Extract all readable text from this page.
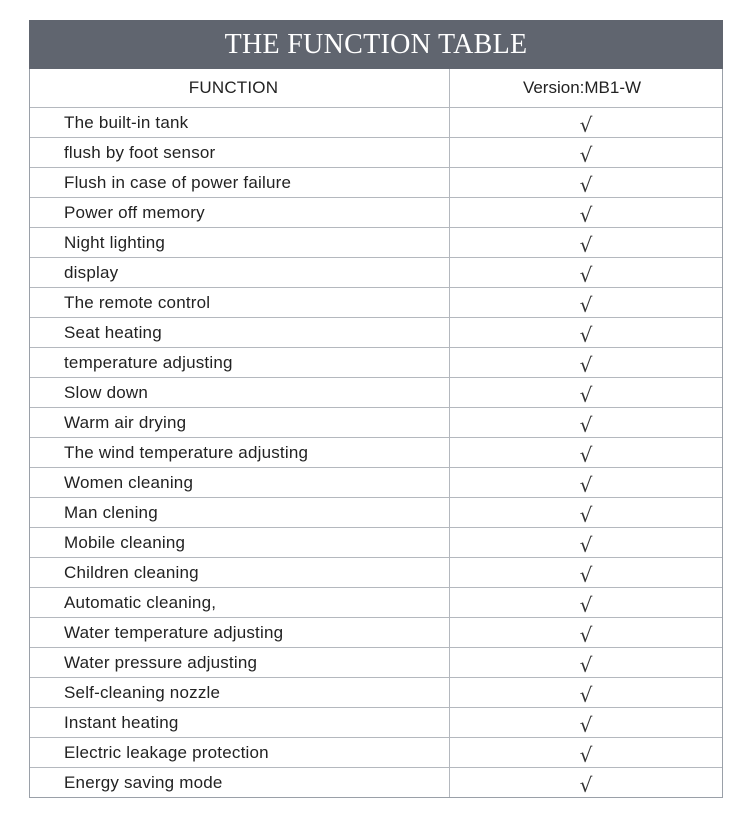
THE FUNCTION TABLE
FUNCTION	Version:MB1-W
The built-in tank	√
flush by foot sensor	√
Flush in case of power failure	√
Power off memory	√
Night lighting	√
display	√
The remote control	√
Seat heating	√
temperature adjusting	√
Slow down	√
Warm air drying	√
The wind temperature adjusting	√
Women cleaning	√
Man clening	√
Mobile cleaning	√
Children cleaning	√
Automatic cleaning,	√
Water temperature adjusting	√
Water pressure adjusting	√
Self-cleaning nozzle	√
Instant heating	√
Electric leakage protection	√
Energy saving mode	√
